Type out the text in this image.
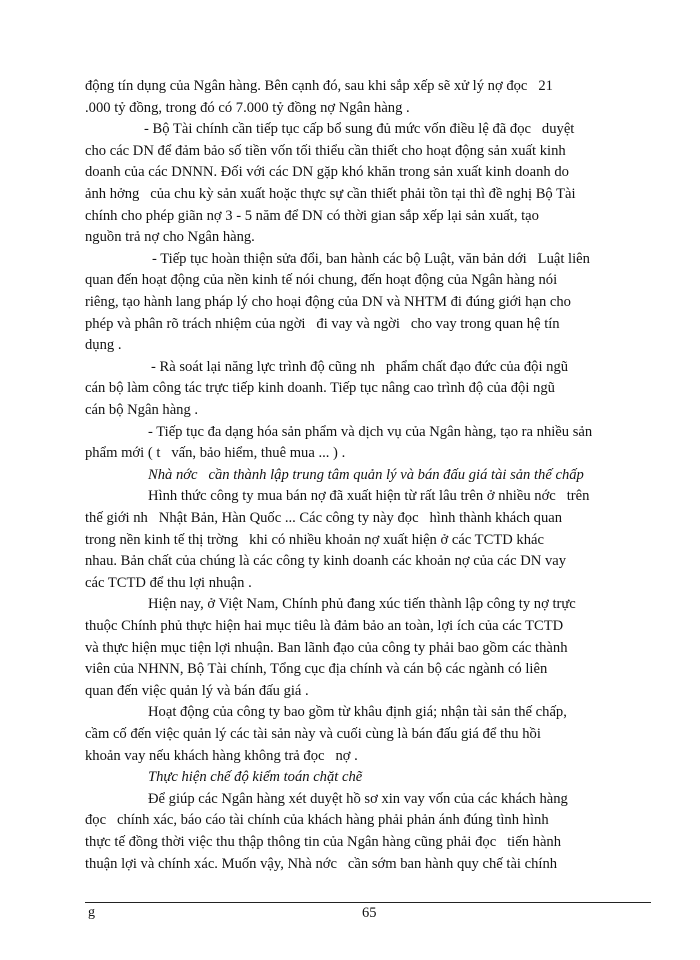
động tín dụng của Ngân hàng. Bên cạnh đó, sau khi sắp xếp sẽ xử lý nợ đọc   21
.000 tỷ đồng, trong đó có 7.000 tỷ đồng nợ Ngân hàng .
- Bộ Tài chính cần tiếp tục cấp bổ sung đủ mức vốn điều lệ đã đọc   duyệt
cho các DN để đảm bảo số tiền vốn tối thiểu cần thiết cho hoạt động sản xuất kinh
doanh của các DNNN. Đối với các DN gặp khó khăn trong sản xuất kinh doanh do
ảnh hởng   của chu kỳ sản xuất hoặc thực sự cần thiết phải tồn tại thì đề nghị Bộ Tài
chính cho phép giãn nợ 3 - 5 năm để DN có thời gian sắp xếp lại sản xuất, tạo
nguồn trả nợ cho Ngân hàng.
- Tiếp tục hoàn thiện sửa đổi, ban hành các bộ Luật, văn bản dới   Luật liên
quan đến hoạt động của nền kinh tế nói chung, đến hoạt động của Ngân hàng nói
riêng, tạo hành lang pháp lý cho hoại động của DN và NHTM đi đúng giới hạn cho
phép và phân rõ trách nhiệm của ngời   đi vay và ngời   cho vay trong quan hệ tín
dụng .
- Rà soát lại năng lực trình độ cũng nh   phẩm chất đạo đức của đội ngũ
cán bộ làm công tác trực tiếp kinh doanh. Tiếp tục nâng cao trình độ của đội ngũ
cán bộ Ngân hàng .
- Tiếp tục đa dạng hóa sản phẩm và dịch vụ của Ngân hàng, tạo ra nhiều sản
phẩm mới ( t   vấn, bảo hiểm, thuê mua ... ) .
Nhà nớc   cần thành lập trung tâm quản lý và bán đấu giá tài sản thế chấp
Hình thức công ty mua bán nợ đã xuất hiện từ rất lâu trên ở nhiều nớc   trên
thế giới nh   Nhật Bản, Hàn Quốc ... Các công ty này đọc   hình thành khách quan
trong nền kinh tế thị trờng   khi có nhiều khoản nợ xuất hiện ở các TCTD khác
nhau. Bản chất của chúng là các công ty kinh doanh các khoản nợ của các DN vay
các TCTD để thu lợi nhuận .
Hiện nay, ở Việt Nam, Chính phủ đang xúc tiến thành lập công ty nợ trực
thuộc Chính phủ thực hiện hai mục tiêu là đảm bảo an toàn, lợi ích của các TCTD
và thực hiện mục tiện lợi nhuận. Ban lãnh đạo của công ty phải bao gồm các thành
viên của NHNN, Bộ Tài chính, Tổng cục địa chính và cán bộ các ngành có liên
quan đến việc quản lý và bán đấu giá .
Hoạt động của công ty bao gồm từ khâu định giá; nhận tài sản thế chấp,
cầm cố đến việc quản lý các tài sản này và cuối cùng là bán đấu giá để thu hồi
khoản vay nếu khách hàng không trả đọc   nợ .
Thực hiện chế độ kiểm toán chặt chẽ
Để giúp các Ngân hàng xét duyệt hồ sơ xin vay vốn của các khách hàng
đọc   chính xác, báo cáo tài chính của khách hàng phải phản ánh đúng tình hình
thực tế đồng thời việc thu thập thông tin của Ngân hàng cũng phải đọc   tiến hành
thuận lợi và chính xác. Muốn vậy, Nhà nớc   cần sớm ban hành quy chế tài chính
g	65
